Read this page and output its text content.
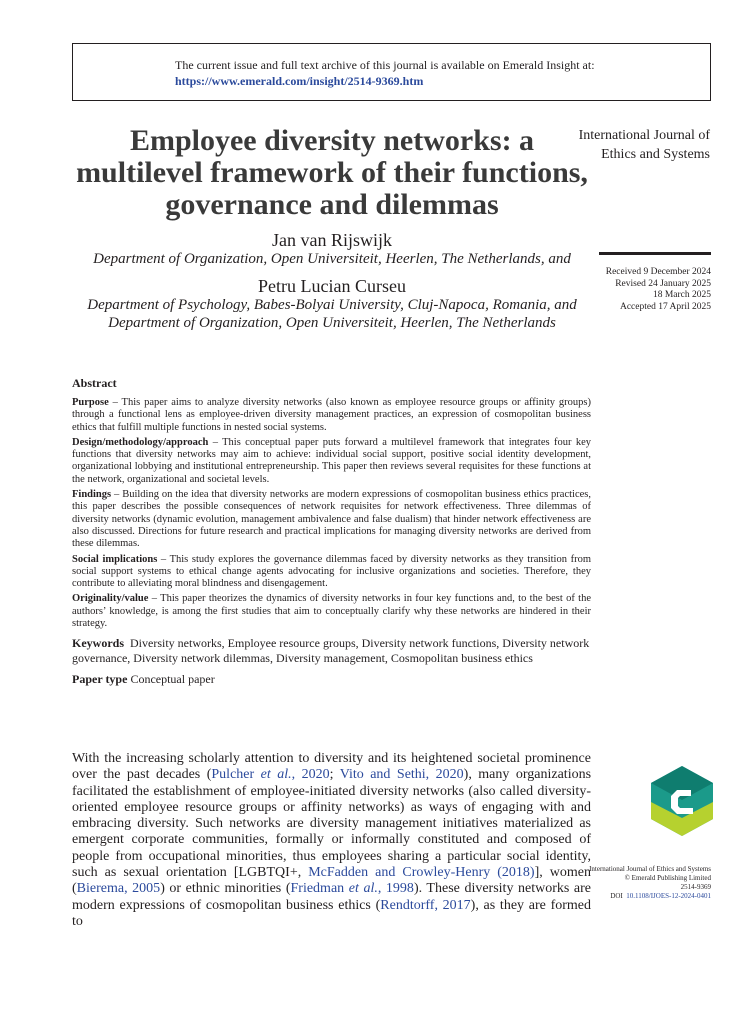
The current issue and full text archive of this journal is available on Emerald Insight at:
https://www.emerald.com/insight/2514-9369.htm
Employee diversity networks: a multilevel framework of their functions, governance and dilemmas
Jan van Rijswijk
Department of Organization, Open Universiteit, Heerlen, The Netherlands, and
Petru Lucian Curseu
Department of Psychology, Babes-Bolyai University, Cluj-Napoca, Romania, and Department of Organization, Open Universiteit, Heerlen, The Netherlands
International Journal of Ethics and Systems
Received 9 December 2024
Revised 24 January 2025
18 March 2025
Accepted 17 April 2025
Abstract

Purpose – This paper aims to analyze diversity networks (also known as employee resource groups or affinity groups) through a functional lens as employee-driven diversity management practices, an expression of cosmopolitan business ethics that fulfill multiple functions in nested social systems.

Design/methodology/approach – This conceptual paper puts forward a multilevel framework that integrates four key functions that diversity networks may aim to achieve: individual social support, positive social identity development, organizational lobbying and institutional entrepreneurship. This paper then reviews several requisites for these functions at the network, organizational and societal levels.

Findings – Building on the idea that diversity networks are modern expressions of cosmopolitan business ethics practices, this paper describes the possible consequences of network requisites for network effectiveness. Three dilemmas of diversity networks (dynamic evolution, management ambivalence and false dualism) that hinder network effectiveness are also discussed. Directions for future research and practical implications for managing diversity networks are derived from these dilemmas.

Social implications – This study explores the governance dilemmas faced by diversity networks as they transition from social support systems to ethical change agents advocating for inclusive organizations and societies. Therefore, they contribute to alleviating moral blindness and disengagement.

Originality/value – This paper theorizes the dynamics of diversity networks in four key functions and, to the best of the authors’ knowledge, is among the first studies that aim to conceptually clarify why these networks are hindered in their strategy.

Keywords Diversity networks, Employee resource groups, Diversity network functions, Diversity network governance, Diversity network dilemmas, Diversity management, Cosmopolitan business ethics

Paper type Conceptual paper

With the increasing scholarly attention to diversity and its heightened societal prominence over the past decades (Pulcher et al., 2020; Vito and Sethi, 2020), many organizations facilitated the establishment of employee-initiated diversity networks (also called diversity-oriented employee resource groups or affinity networks) as ways of engaging with and embracing diversity. Such networks are diversity management initiatives materialized as emergent corporate communities, formally or informally constituted and composed of people from occupational minorities, thus employees sharing a particular social identity, such as sexual orientation [LGBTQI+, McFadden and Crowley-Henry (2018)], women (Bierema, 2005) or ethnic minorities (Friedman et al., 1998). These diversity networks are modern expressions of cosmopolitan business ethics (Rendtorff, 2017), as they are formed to
International Journal of Ethics and Systems
© Emerald Publishing Limited
2514-9369
DOI 10.1108/IJOES-12-2024-0401
